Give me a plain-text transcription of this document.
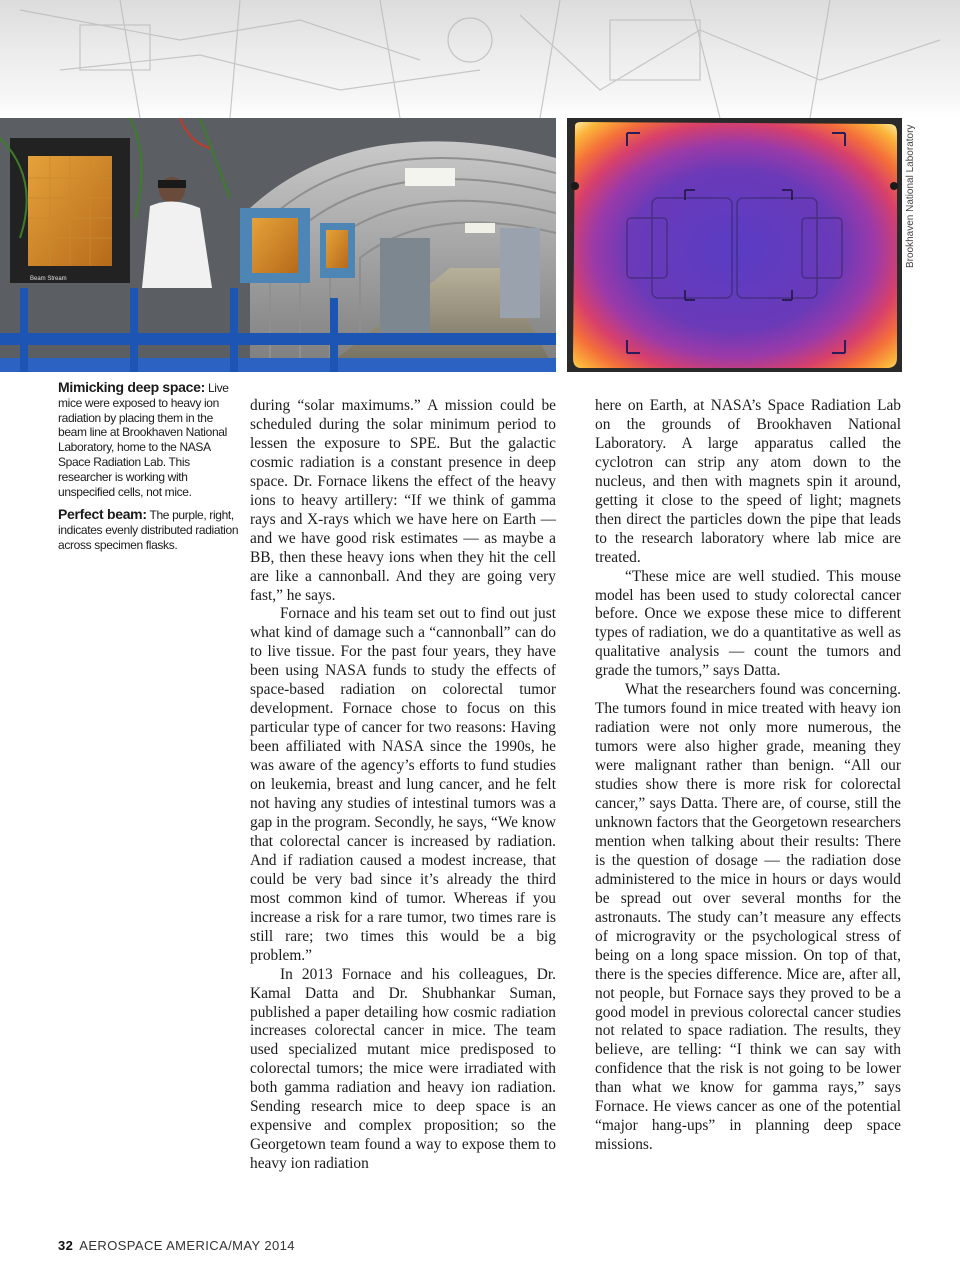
Beam Stream
Brookhaven National Laboratory

Mimicking deep space: Live mice were exposed to heavy ion radiation by placing them in the beam line at Brookhaven National Laboratory, home to the NASA Space Radiation Lab. This researcher is working with unspecified cells, not mice.

Perfect beam: The purple, right, indicates evenly distributed radiation across specimen flasks.

during “solar maximums.” A mission could be scheduled during the solar minimum period to lessen the exposure to SPE. But the galactic cosmic radiation is a constant presence in deep space. Dr. Fornace likens the effect of the heavy ions to heavy artillery: “If we think of gamma rays and X-rays which we have here on Earth — and we have good risk estimates — as maybe a BB, then these heavy ions when they hit the cell are like a cannonball. And they are going very fast,” he says.

Fornace and his team set out to find out just what kind of damage such a “cannonball” can do to live tissue. For the past four years, they have been using NASA funds to study the effects of space-based radiation on colorectal tumor development. Fornace chose to focus on this particular type of cancer for two reasons: Having been affiliated with NASA since the 1990s, he was aware of the agency’s efforts to fund studies on leukemia, breast and lung cancer, and he felt not having any studies of intestinal tumors was a gap in the program. Secondly, he says, “We know that colorectal cancer is increased by radiation. And if radiation caused a modest increase, that could be very bad since it’s already the third most common kind of tumor. Whereas if you increase a risk for a rare tumor, two times rare is still rare; two times this would be a big problem.”

In 2013 Fornace and his colleagues, Dr. Kamal Datta and Dr. Shubhankar Suman, published a paper detailing how cosmic radiation increases colorectal cancer in mice. The team used specialized mutant mice predisposed to colorectal tumors; the mice were irradiated with both gamma radiation and heavy ion radiation. Sending research mice to deep space is an expensive and complex proposition; so the Georgetown team found a way to expose them to heavy ion radiation

here on Earth, at NASA’s Space Radiation Lab on the grounds of Brookhaven National Laboratory. A large apparatus called the cyclotron can strip any atom down to the nucleus, and then with magnets spin it around, getting it close to the speed of light; magnets then direct the particles down the pipe that leads to the research laboratory where lab mice are treated.

“These mice are well studied. This mouse model has been used to study colorectal cancer before. Once we expose these mice to different types of radiation, we do a quantitative as well as qualitative analysis — count the tumors and grade the tumors,” says Datta.

What the researchers found was concerning. The tumors found in mice treated with heavy ion radiation were not only more numerous, the tumors were also higher grade, meaning they were malignant rather than benign. “All our studies show there is more risk for colorectal cancer,” says Datta. There are, of course, still the unknown factors that the Georgetown researchers mention when talking about their results: There is the question of dosage — the radiation dose administered to the mice in hours or days would be spread out over several months for the astronauts. The study can’t measure any effects of microgravity or the psychological stress of being on a long space mission. On top of that, there is the species difference. Mice are, after all, not people, but Fornace says they proved to be a good model in previous colorectal cancer studies not related to space radiation. The results, they believe, are telling: “I think we can say with confidence that the risk is not going to be lower than what we know for gamma rays,” says Fornace. He views cancer as one of the potential “major hang-ups” in planning deep space missions.

32 AEROSPACE AMERICA/MAY 2014
